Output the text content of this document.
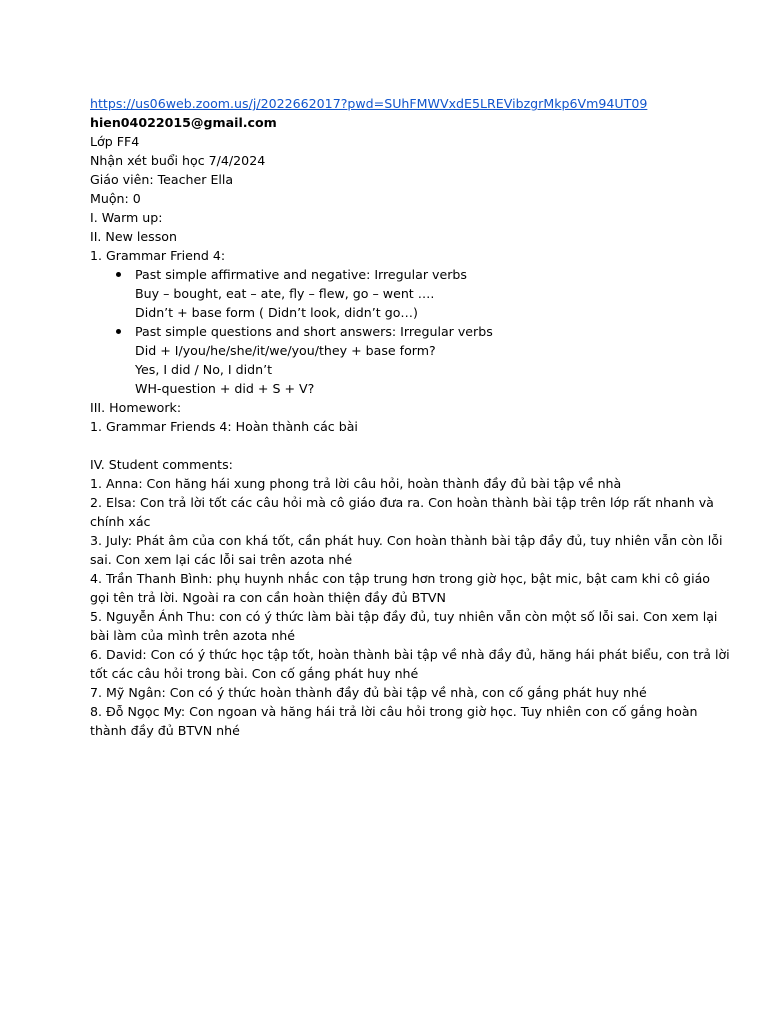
https://us06web.zoom.us/j/2022662017?pwd=SUhFMWVxdE5LREVibzgrMkp6Vm94UT09
hien04022015@gmail.com
Lớp FF4
Nhận xét buổi học 7/4/2024
Giáo viên: Teacher Ella
Muộn: 0
I. Warm up:
II. New lesson
1. Grammar Friend 4:
Past simple affirmative and negative: Irregular verbs
Buy – bought, eat – ate, fly – flew, go – went ….
Didn’t + base form ( Didn’t look, didn’t go…)
Past simple questions and short answers: Irregular verbs
Did + I/you/he/she/it/we/you/they + base form?
Yes, I did / No, I didn’t
WH-question + did + S + V?
III. Homework:
1. Grammar Friends 4: Hoàn thành các bài
IV. Student comments:
1. Anna: Con hăng hái xung phong trả lời câu hỏi, hoàn thành đầy đủ bài tập về nhà
2. Elsa: Con trả lời tốt các câu hỏi mà cô giáo đưa ra. Con hoàn thành bài tập trên lớp rất nhanh và chính xác
3. July: Phát âm của con khá tốt, cần phát huy. Con hoàn thành bài tập đầy đủ, tuy nhiên vẫn còn lỗi sai. Con xem lại các lỗi sai trên azota nhé
4. Trần Thanh Bình: phụ huynh nhắc con tập trung hơn trong giờ học, bật mic, bật cam khi cô giáo gọi tên trả lời. Ngoài ra con cần hoàn thiện đầy đủ BTVN
5. Nguyễn Ánh Thu: con có ý thức làm bài tập đầy đủ, tuy nhiên vẫn còn một số lỗi sai. Con xem lại bài làm của mình trên azota nhé
6. David: Con có ý thức học tập tốt, hoàn thành bài tập về nhà đầy đủ, hăng hái phát biểu, con trả lời tốt các câu hỏi trong bài. Con cố gắng phát huy nhé
7. Mỹ Ngân: Con có ý thức hoàn thành đầy đủ bài tập về nhà, con cố gắng phát huy nhé
8. Đỗ Ngọc My: Con ngoan và hăng hái trả lời câu hỏi trong giờ học. Tuy nhiên con cố gắng hoàn thành đầy đủ BTVN nhé
